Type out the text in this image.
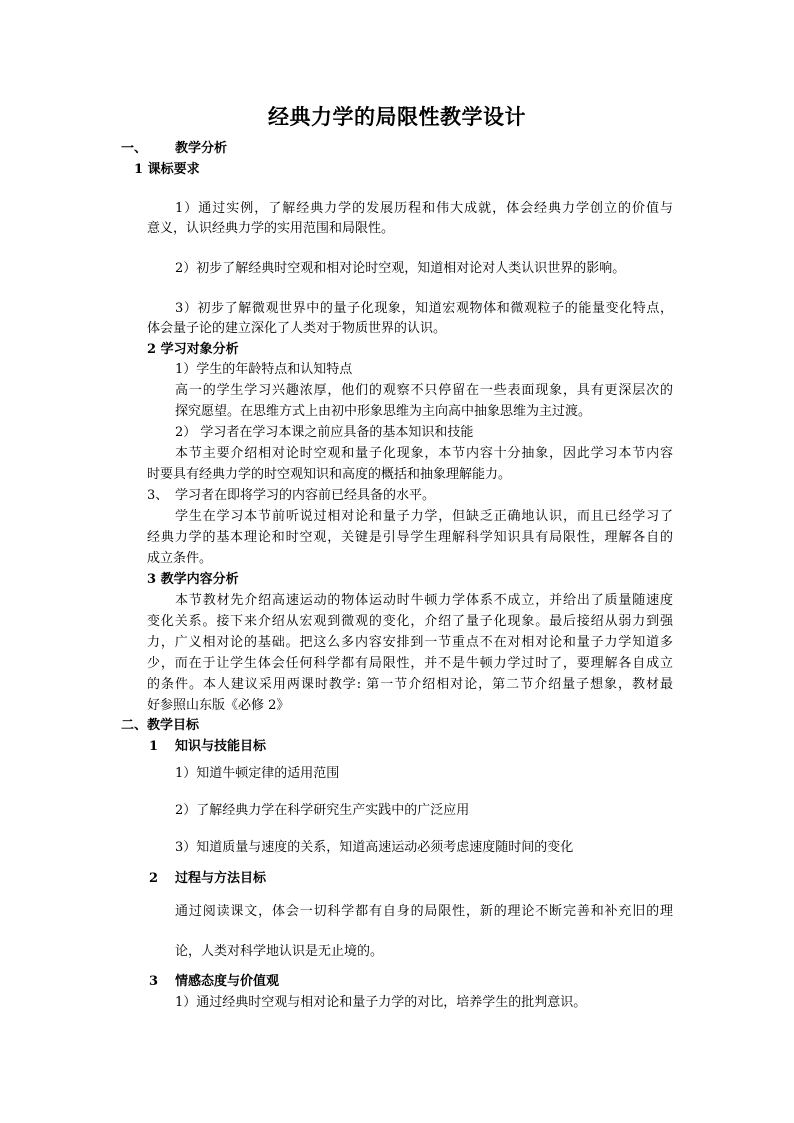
经典力学的局限性教学设计
一、 教学分析
1 课标要求
1）通过实例，了解经典力学的发展历程和伟大成就，体会经典力学创立的价值与
意义，认识经典力学的实用范围和局限性。
2）初步了解经典时空观和相对论时空观，知道相对论对人类认识世界的影响。
3）初步了解微观世界中的量子化现象，知道宏观物体和微观粒子的能量变化特点，
体会量子论的建立深化了人类对于物质世界的认识。
2 学习对象分析
1）学生的年龄特点和认知特点
高一的学生学习兴趣浓厚，他们的观察不只停留在一些表面现象，具有更深层次的
探究愿望。在思维方式上由初中形象思维为主向高中抽象思维为主过渡。
2） 学习者在学习本课之前应具备的基本知识和技能
本节主要介绍相对论时空观和量子化现象，本节内容十分抽象，因此学习本节内容
时要具有经典力学的时空观知识和高度的概括和抽象理解能力。
3、 学习者在即将学习的内容前已经具备的水平。
学生在学习本节前听说过相对论和量子力学，但缺乏正确地认识，而且已经学习了
经典力学的基本理论和时空观，关键是引导学生理解科学知识具有局限性，理解各自的
成立条件。
3 教学内容分析
本节教材先介绍高速运动的物体运动时牛顿力学体系不成立，并给出了质量随速度
变化关系。接下来介绍从宏观到微观的变化，介绍了量子化现象。最后接绍从弱力到强
力，广义相对论的基础。把这么多内容安排到一节重点不在对相对论和量子力学知道多
少，而在于让学生体会任何科学都有局限性，并不是牛顿力学过时了，要理解各自成立
的条件。本人建议采用两课时教学: 第一节介绍相对论，第二节介绍量子想象，教材最
好参照山东版《必修 2》
二、教学目标
1 知识与技能目标
1）知道牛顿定律的适用范围
2）了解经典力学在科学研究生产实践中的广泛应用
3）知道质量与速度的关系，知道高速运动必须考虑速度随时间的变化
2 过程与方法目标
通过阅读课文，体会一切科学都有自身的局限性，新的理论不断完善和补充旧的理
论，人类对科学地认识是无止境的。
3 情感态度与价值观
1）通过经典时空观与相对论和量子力学的对比，培养学生的批判意识。
